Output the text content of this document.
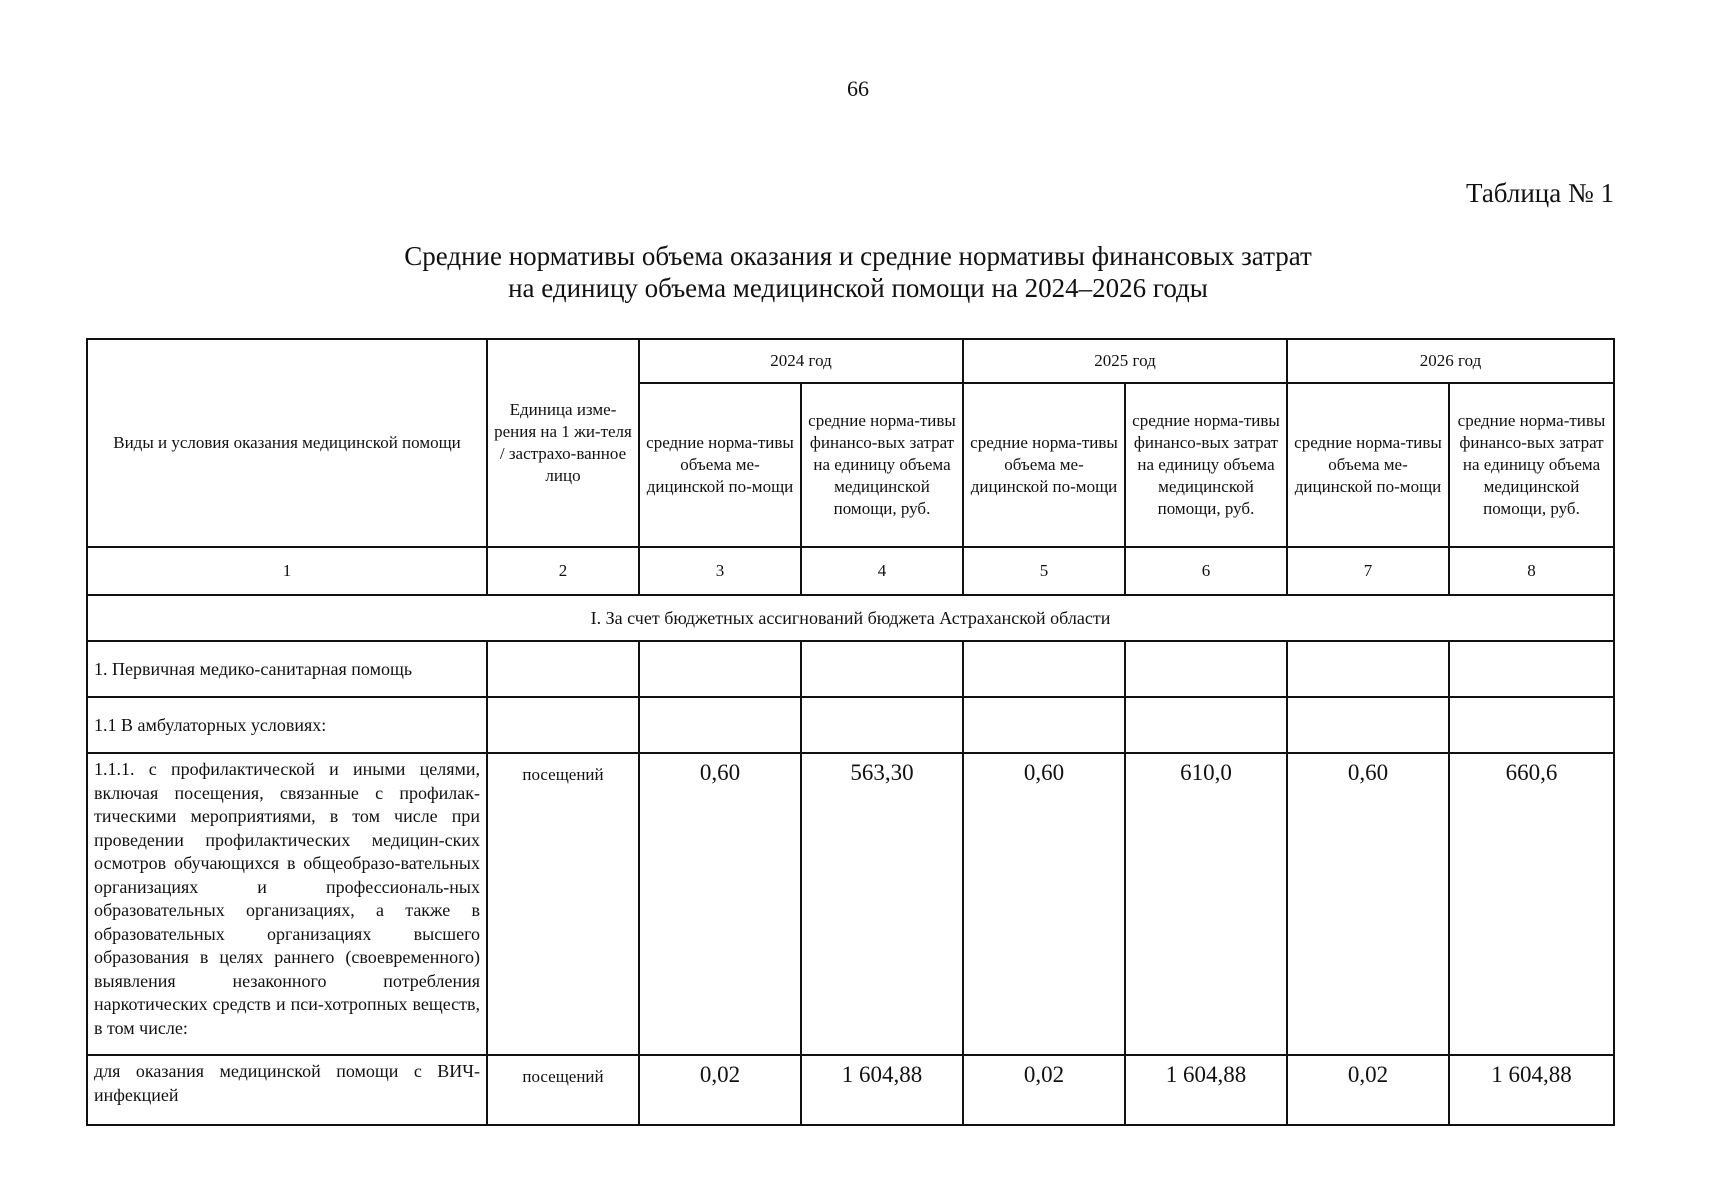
66
Таблица № 1
Средние нормативы объема оказания и средние нормативы финансовых затрат
на единицу объема медицинской помощи на 2024–2026 годы
Виды и условия оказания медицинской помощи	Единица изме-рения на 1 жи-теля / застрахо-ванное лицо	2024 год		2025 год		2026 год	

		средние норма-тивы объема ме-дицинской по-мощи	средние норма-тивы финансо-вых затрат на единицу объема медицинской помощи, руб.	средние норма-тивы объема ме-дицинской по-мощи	средние норма-тивы финансо-вых затрат на единицу объема медицинской помощи, руб.	средние норма-тивы объема ме-дицинской по-мощи	средние норма-тивы финансо-вых затрат на единицу объема медицинской помощи, руб.

1	2	3	4	5	6	7	8
I. За счет бюджетных ассигнований бюджета Астраханской области							
1. Первичная медико-санитарная помощь							
1.1 В амбулаторных условиях:							
1.1.1. с профилактической и иными целями, включая посещения, связанные с профилак-тическими мероприятиями, в том числе при проведении профилактических медицин-ских осмотров обучающихся в общеобразо-вательных организациях и профессиональ-ных образовательных организациях, а также в образовательных организациях высшего образования в целях раннего (своевременного) выявления незаконного потребления наркотических средств и пси-хотропных веществ, в том числе:	посещений	0,60	563,30	0,60	610,0	0,60	660,6
для оказания медицинской помощи с ВИЧ-инфекцией	посещений	0,02	1 604,88	0,02	1 604,88	0,02	1 604,88
